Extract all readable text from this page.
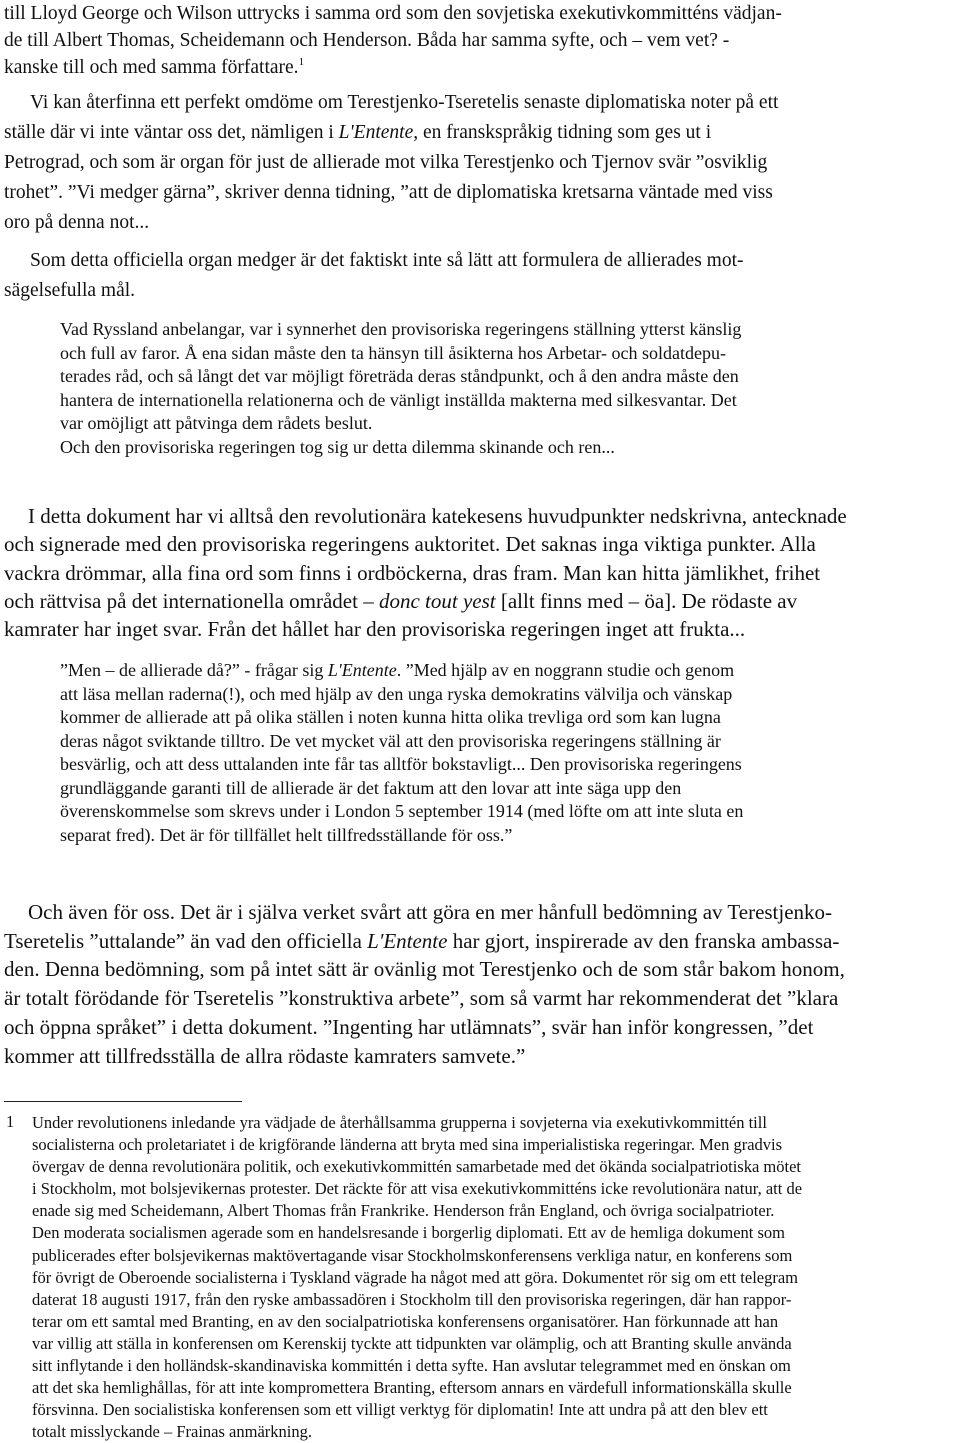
till Lloyd George och Wilson uttrycks i samma ord som den sovjetiska exekutivkommitténs vädjan-
de till Albert Thomas, Scheidemann och Henderson. Båda har samma syfte, och – vem vet? -
kanske till och med samma författare.$^1$
Vi kan återfinna ett perfekt omdöme om Terestjenko-Tseretelis senaste diplomatiska noter på ett
ställe där vi inte väntar oss det, nämligen i L'Entente, en franskspråkig tidning som ges ut i
Petrograd, och som är organ för just de allierade mot vilka Terestjenko och Tjernov svär ”osviklig
trohet”. ”Vi medger gärna”, skriver denna tidning, ”att de diplomatiska kretsarna väntade med viss
oro på denna not...
Som detta officiella organ medger är det faktiskt inte så lätt att formulera de allierades mot-
sägelsefulla mål.
Vad Ryssland anbelangar, var i synnerhet den provisoriska regeringens ställning ytterst känslig
och full av faror. Å ena sidan måste den ta hänsyn till åsikterna hos Arbetar- och soldatdepu-
terades råd, och så långt det var möjligt företräda deras ståndpunkt, och å den andra måste den
hantera de internationella relationerna och de vänligt inställda makterna med silkesvantar. Det
var omöjligt att påtvinga dem rådets beslut.
Och den provisoriska regeringen tog sig ur detta dilemma skinande och ren...
I detta dokument har vi alltså den revolutionära katekesens huvudpunkter nedskrivna, antecknade
och signerade med den provisoriska regeringens auktoritet. Det saknas inga viktiga punkter. Alla
vackra drömmar, alla fina ord som finns i ordböckerna, dras fram. Man kan hitta jämlikhet, frihet
och rättvisa på det internationella området – donc tout yest [allt finns med – öa]. De rödaste av
kamrater har inget svar. Från det hållet har den provisoriska regeringen inget att frukta...
”Men – de allierade då?” - frågar sig L'Entente. ”Med hjälp av en noggrann studie och genom
att läsa mellan raderna(!), och med hjälp av den unga ryska demokratins välvilja och vänskap
kommer de allierade att på olika ställen i noten kunna hitta olika trevliga ord som kan lugna
deras något sviktande tilltro. De vet mycket väl att den provisoriska regeringens ställning är
besvärlig, och att dess uttalanden inte får tas alltför bokstavligt... Den provisoriska regeringens
grundläggande garanti till de allierade är det faktum att den lovar att inte säga upp den
överenskommelse som skrevs under i London 5 september 1914 (med löfte om att inte sluta en
separat fred). Det är för tillfället helt tillfredsställande för oss.”
Och även för oss. Det är i själva verket svårt att göra en mer hånfull bedömning av Terestjenko-
Tseretelis ”uttalande” än vad den officiella L'Entente har gjort, inspirerade av den franska ambassa-
den. Denna bedömning, som på intet sätt är ovänlig mot Terestjenko och de som står bakom honom,
är totalt förödande för Tseretelis ”konstruktiva arbete”, som så varmt har rekommenderat det ”klara
och öppna språket” i detta dokument. ”Ingenting har utlämnats”, svär han inför kongressen, ”det
kommer att tillfredsställa de allra rödaste kamraters samvete.”
1 Under revolutionens inledande yra vädjade de återhållsamma grupperna i sovjeterna via exekutivkommittén till
socialisterna och proletariatet i de krigförande länderna att bryta med sina imperialistiska regeringar. Men gradvis
övergav de denna revolutionära politik, och exekutivkommittén samarbetade med det ökända socialpatriotiska mötet
i Stockholm, mot bolsjevikernas protester. Det räckte för att visa exekutivkommitténs icke revolutionära natur, att de
enade sig med Scheidemann, Albert Thomas från Frankrike. Henderson från England, och övriga socialpatrioter.
Den moderata socialismen agerade som en handelsresande i borgerlig diplomati. Ett av de hemliga dokument som
publicerades efter bolsjevikernas maktövertagande visar Stockholmskonferensens verkliga natur, en konferens som
för övrigt de Oberoende socialisterna i Tyskland vägrade ha något med att göra. Dokumentet rör sig om ett telegram
daterat 18 augusti 1917, från den ryske ambassadören i Stockholm till den provisoriska regeringen, där han rappor-
terar om ett samtal med Branting, en av den socialpatriotiska konferensens organisatörer. Han förkunnade att han
var villig att ställa in konferensen om Kerenskij tyckte att tidpunkten var olämplig, och att Branting skulle använda
sitt inflytande i den holländsk-skandinaviska kommittén i detta syfte. Han avslutar telegrammet med en önskan om
att det ska hemlighållas, för att inte kompromettera Branting, eftersom annars en värdefull informationskälla skulle
försvinna. Den socialistiska konferensen som ett villigt verktyg för diplomatin! Inte att undra på att den blev ett
totalt misslyckande – Frainas anmärkning.
